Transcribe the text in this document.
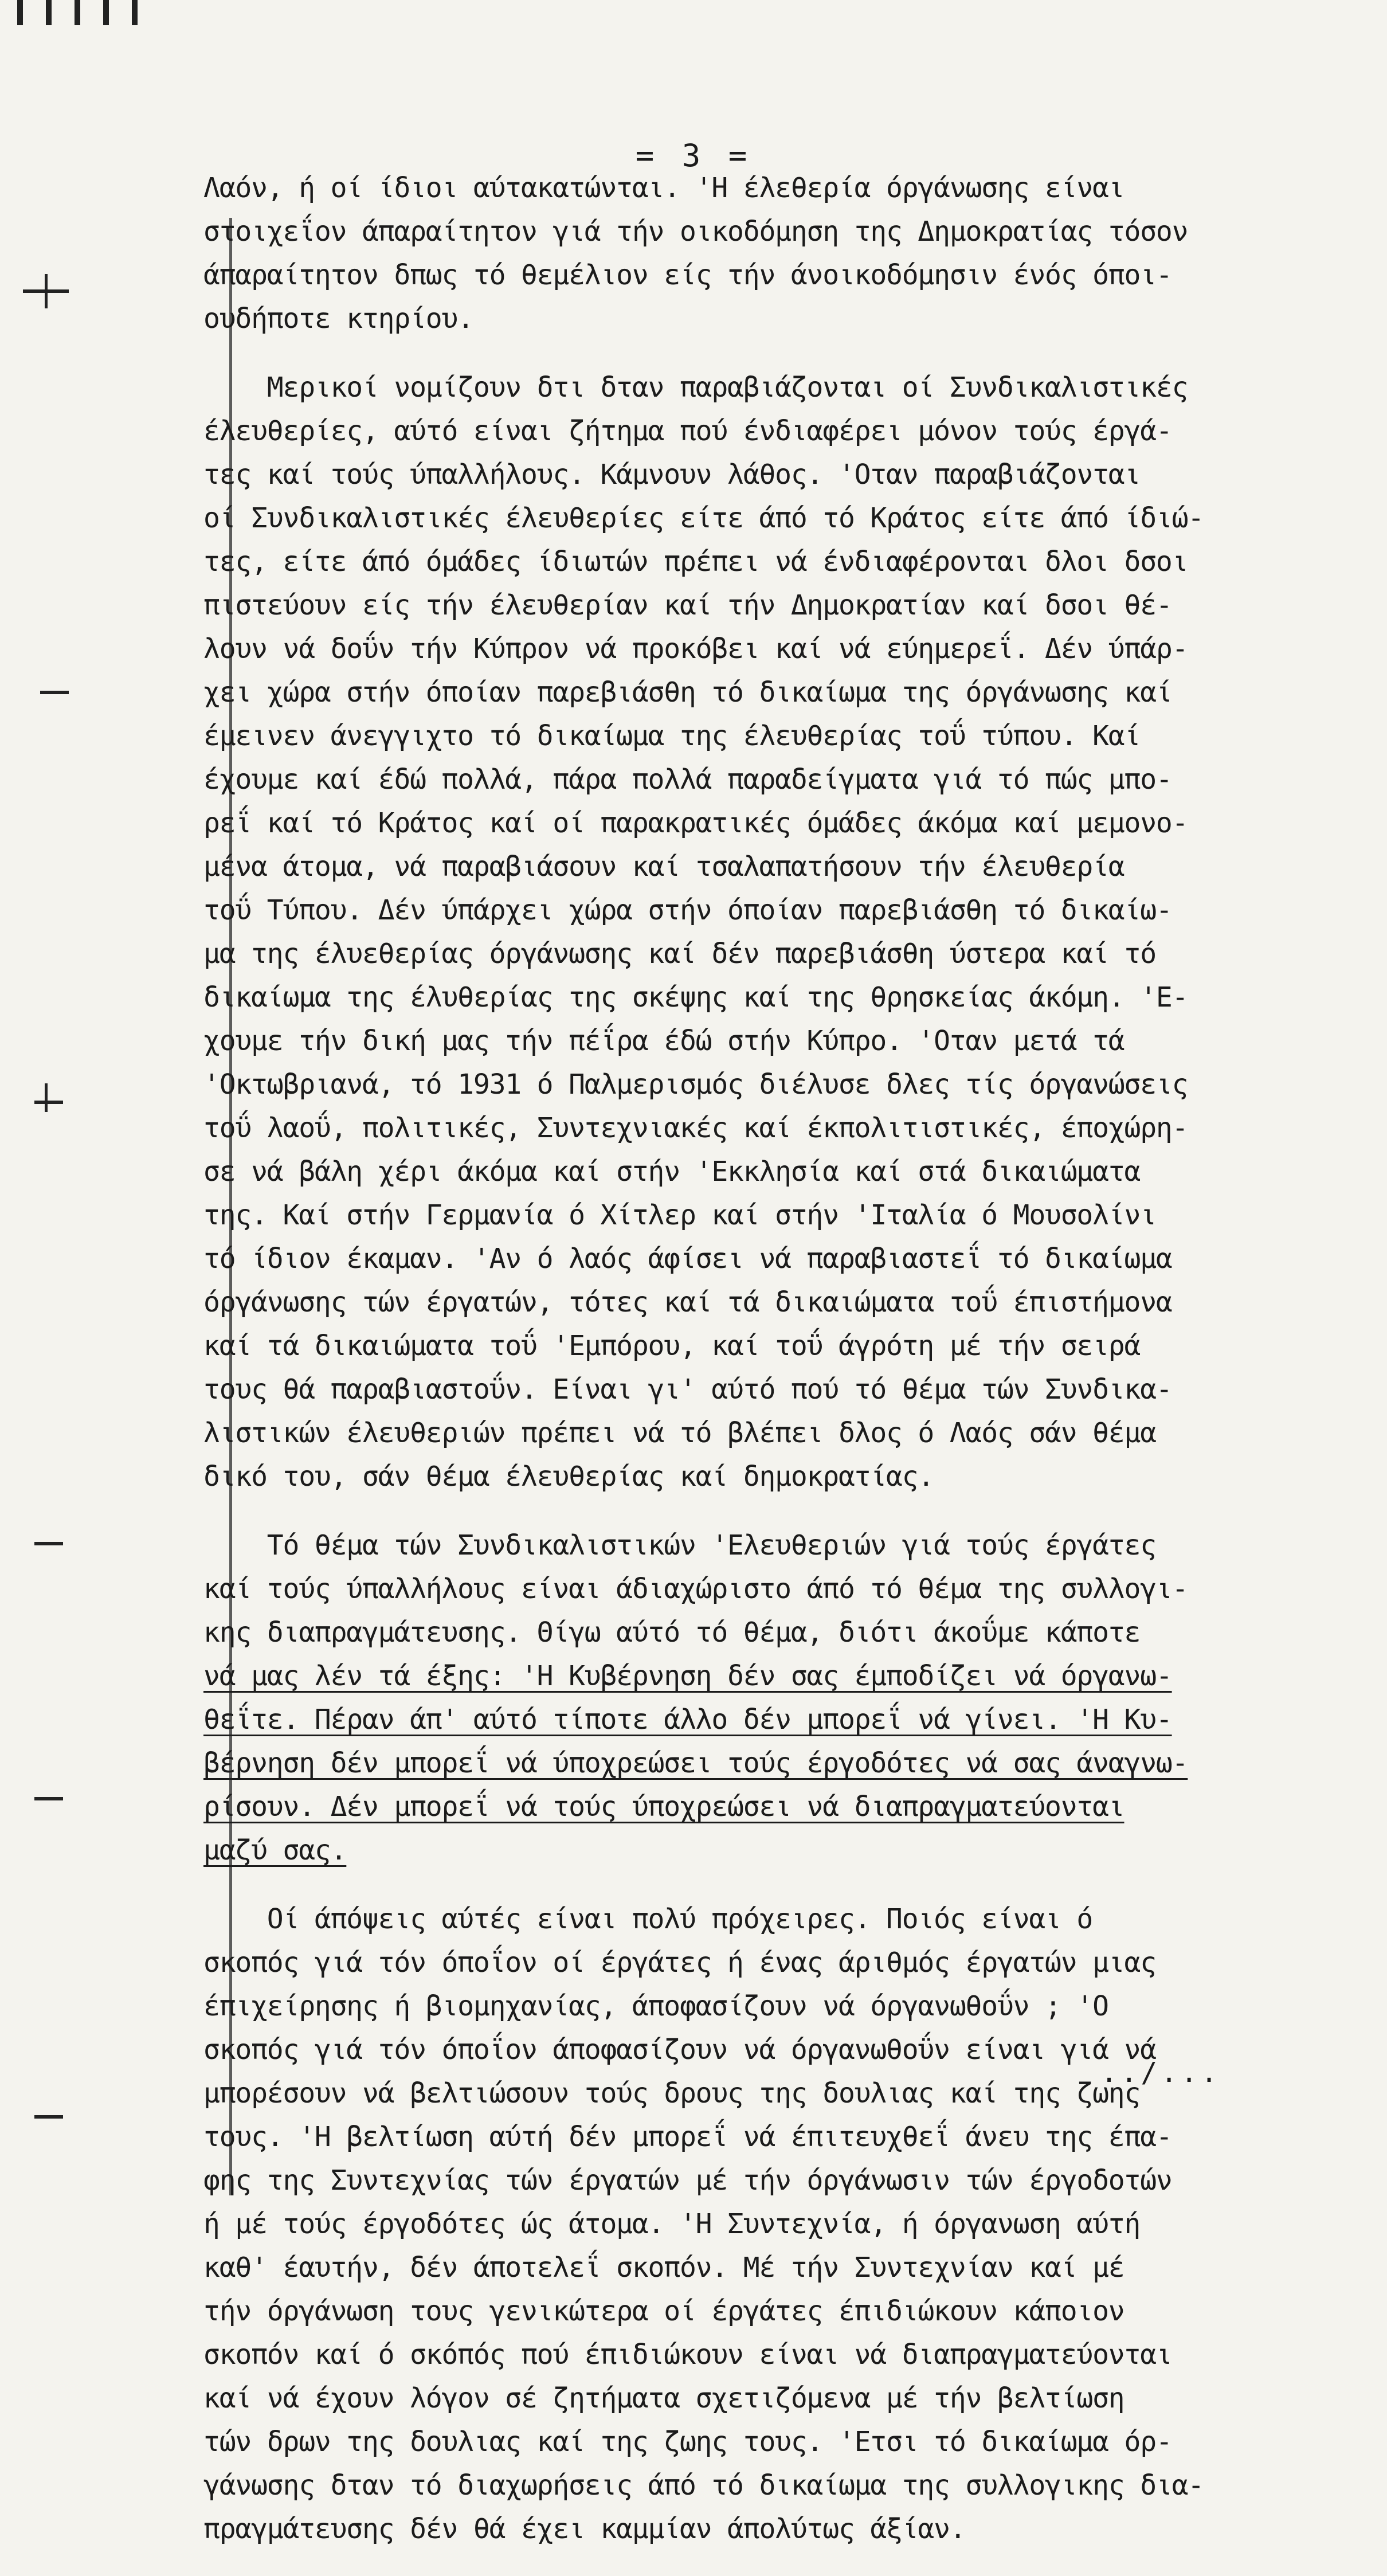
= 3 =
Λαόν, ή οί ίδιοι αύτακατώνται. 'Η έλεθερία όργάνωσης είναι
στοιχεΐον άπαραίτητον γιά τήν οικοδόμηση της Δημοκρατίας τόσον
άπαραίτητον δπως τό θεμέλιον είς τήν άνοικοδόμησιν ένός όποι-
ουδήποτε κτηρίου.
Μερικοί νομίζουν δτι δταν παραβιάζονται οί Συνδικαλιστικές
έλευθερίες, αύτό είναι ζήτημα πού ένδιαφέρει μόνον τούς έργά-
τες καί τούς ύπαλλήλους. Κάμνουν λάθος. 'Οταν παραβιάζονται
οί Συνδικαλιστικές έλευθερίες είτε άπό τό Κράτος είτε άπό ίδιώ-
τες, είτε άπό όμάδες ίδιωτών πρέπει νά ένδιαφέρονται δλοι δσοι
πιστεύουν είς τήν έλευθερίαν καί τήν Δημοκρατίαν καί δσοι θέ-
λουν νά δοΰν τήν Κύπρον νά προκόβει καί νά εύημερεΐ. Δέν ύπάρ-
χει χώρα στήν όποίαν παρεβιάσθη τό δικαίωμα της όργάνωσης καί
έμεινεν άνεγγιχτο τό δικαίωμα της έλευθερίας τοΰ τύπου. Καί
έχουμε καί έδώ πολλά, πάρα πολλά παραδείγματα γιά τό πώς μπο-
ρεΐ καί τό Κράτος καί οί παρακρατικές όμάδες άκόμα καί μεμονο-
μένα άτομα, νά παραβιάσουν καί τσαλαπατήσουν τήν έλευθερία
τοΰ Τύπου. Δέν ύπάρχει χώρα στήν όποίαν παρεβιάσθη τό δικαίω-
μα της έλυεθερίας όργάνωσης καί δέν παρεβιάσθη ύστερα καί τό
δικαίωμα της έλυθερίας της σκέψης καί της θρησκείας άκόμη. 'Ε-
χουμε τήν δική μας τήν πέΐρα έδώ στήν Κύπρο. 'Οταν μετά τά
'Οκτωβριανά, τό 1931 ό Παλμερισμός διέλυσε δλες τίς όργανώσεις
τοΰ λαοΰ, πολιτικές, Συντεχνιακές καί έκπολιτιστικές, έποχώρη-
σε νά βάλη χέρι άκόμα καί στήν 'Εκκλησία καί στά δικαιώματα
της. Καί στήν Γερμανία ό Χίτλερ καί στήν 'Ιταλία ό Μουσολίνι
τό ίδιον έκαμαν. 'Αν ό λαός άφίσει νά παραβιαστεΐ τό δικαίωμα
όργάνωσης τών έργατών, τότες καί τά δικαιώματα τοΰ έπιστήμονα
καί τά δικαιώματα τοΰ 'Εμπόρου, καί τοΰ άγρότη μέ τήν σειρά
τους θά παραβιαστοΰν. Είναι γι' αύτό πού τό θέμα τών Συνδικα-
λιστικών έλευθεριών πρέπει νά τό βλέπει δλος ό Λαός σάν θέμα
δικό του, σάν θέμα έλευθερίας καί δημοκρατίας.
Τό θέμα τών Συνδικαλιστικών 'Ελευθεριών γιά τούς έργάτες
καί τούς ύπαλλήλους είναι άδιαχώριστο άπό τό θέμα της συλλογι-
κης διαπραγμάτευσης. Θίγω αύτό τό θέμα, διότι άκοΰμε κάποτε
νά μας λέν τά έξης: 'Η Κυβέρνηση δέν σας έμποδίζει νά όργανω-
θεΐτε. Πέραν άπ' αύτό τίποτε άλλο δέν μπορεΐ νά γίνει. 'Η Κυ-
βέρνηση δέν μπορεΐ νά ύποχρεώσει τούς έργοδότες νά σας άναγνω-
ρίσουν. Δέν μπορεΐ νά τούς ύποχρεώσει νά διαπραγματεύονται
μαζύ σας.
Οί άπόψεις αύτές είναι πολύ πρόχειρες. Ποιός είναι ό
σκοπός γιά τόν όποΐον οί έργάτες ή ένας άριθμός έργατών μιας
έπιχείρησης ή βιομηχανίας, άποφασίζουν νά όργανωθοΰν ; 'Ο
σκοπός γιά τόν όποΐον άποφασίζουν νά όργανωθοΰν είναι γιά νά
μπορέσουν νά βελτιώσουν τούς δρους της δουλιας καί της ζωης
τους. 'Η βελτίωση αύτή δέν μπορεΐ νά έπιτευχθεΐ άνευ της έπα-
φης της Συντεχνίας τών έργατών μέ τήν όργάνωσιν τών έργοδοτών
ή μέ τούς έργοδότες ώς άτομα. 'Η Συντεχνία, ή όργανωση αύτή
καθ' έαυτήν, δέν άποτελεΐ σκοπόν. Μέ τήν Συντεχνίαν καί μέ
τήν όργάνωση τους γενικώτερα οί έργάτες έπιδιώκουν κάποιον
σκοπόν καί ό σκόπός πού έπιδιώκουν είναι νά διαπραγματεύονται
καί νά έχουν λόγον σέ ζητήματα σχετιζόμενα μέ τήν βελτίωση
τών δρων της δουλιας καί της ζωης τους. 'Ετσι τό δικαίωμα όρ-
γάνωσης δταν τό διαχωρήσεις άπό τό δικαίωμα της συλλογικης δια-
πραγμάτευσης δέν θά έχει καμμίαν άπολύτως άξίαν.
../...
